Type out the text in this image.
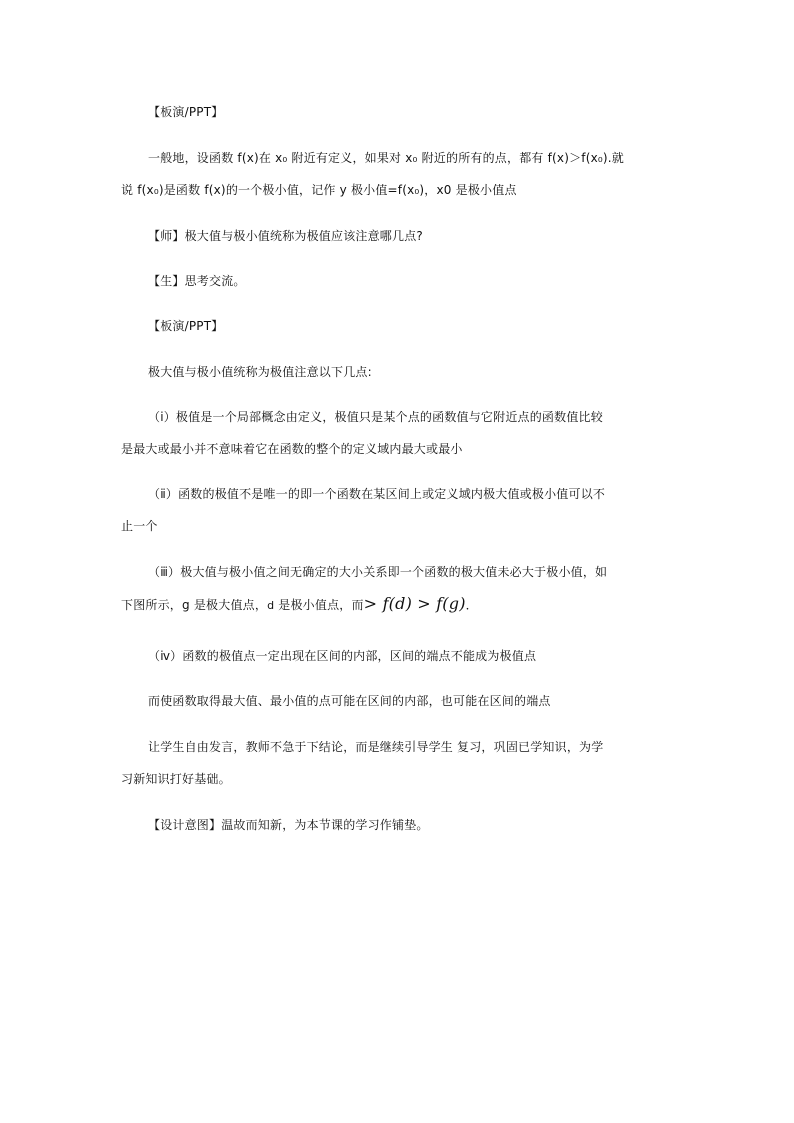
【板演/PPT】
一般地，设函数 f(x)在 x₀ 附近有定义，如果对 x₀ 附近的所有的点，都有 f(x)＞f(x₀).就
说 f(x₀)是函数 f(x)的一个极小值，记作 y 极小值=f(x₀)，x0 是极小值点
【师】极大值与极小值统称为极值应该注意哪几点?
【生】思考交流。
【板演/PPT】
极大值与极小值统称为极值注意以下几点:
（ⅰ）极值是一个局部概念由定义，极值只是某个点的函数值与它附近点的函数值比较
是最大或最小并不意味着它在函数的整个的定义域内最大或最小
（ⅱ）函数的极值不是唯一的即一个函数在某区间上或定义域内极大值或极小值可以不
止一个
（ⅲ）极大值与极小值之间无确定的大小关系即一个函数的极大值未必大于极小值，如
下图所示，g 是极大值点，d 是极小值点，而> f(d) > f(g)．
（ⅳ）函数的极值点一定出现在区间的内部，区间的端点不能成为极值点
而使函数取得最大值、最小值的点可能在区间的内部，也可能在区间的端点
让学生自由发言，教师不急于下结论，而是继续引导学生 复习，巩固已学知识，为学
习新知识打好基础。
【设计意图】温故而知新，为本节课的学习作铺垫。
